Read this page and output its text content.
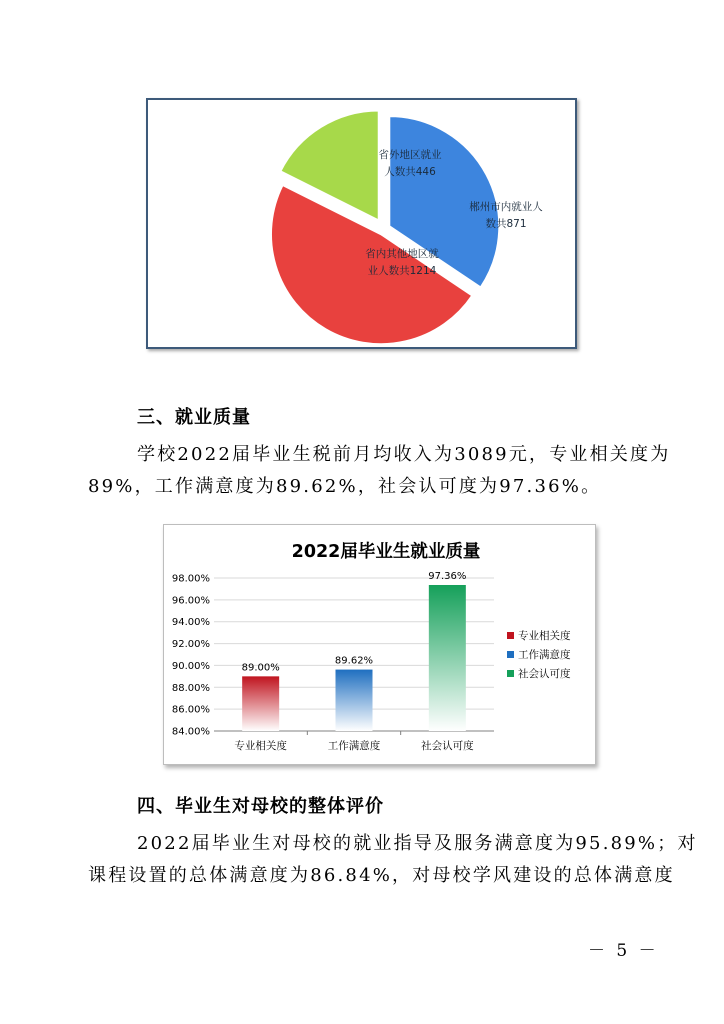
郴州市内就业人
数共871
省内其他地区就
业人数共1214
省外地区就业
人数共446
三、就业质量
学校2022届毕业生税前月均收入为3089元，专业相关度为
89%，工作满意度为89.62%，社会认可度为97.36%。
2022届毕业生就业质量
84.00%
86.00%
88.00%
90.00%
92.00%
94.00%
96.00%
98.00%
89.00%
专业相关度
89.62%
工作满意度
97.36%
社会认可度
专业相关度
工作满意度
社会认可度
四、毕业生对母校的整体评价
2022届毕业生对母校的就业指导及服务满意度为95.89%；对
课程设置的总体满意度为86.84%，对母校学风建设的总体满意度
－ 5 －
